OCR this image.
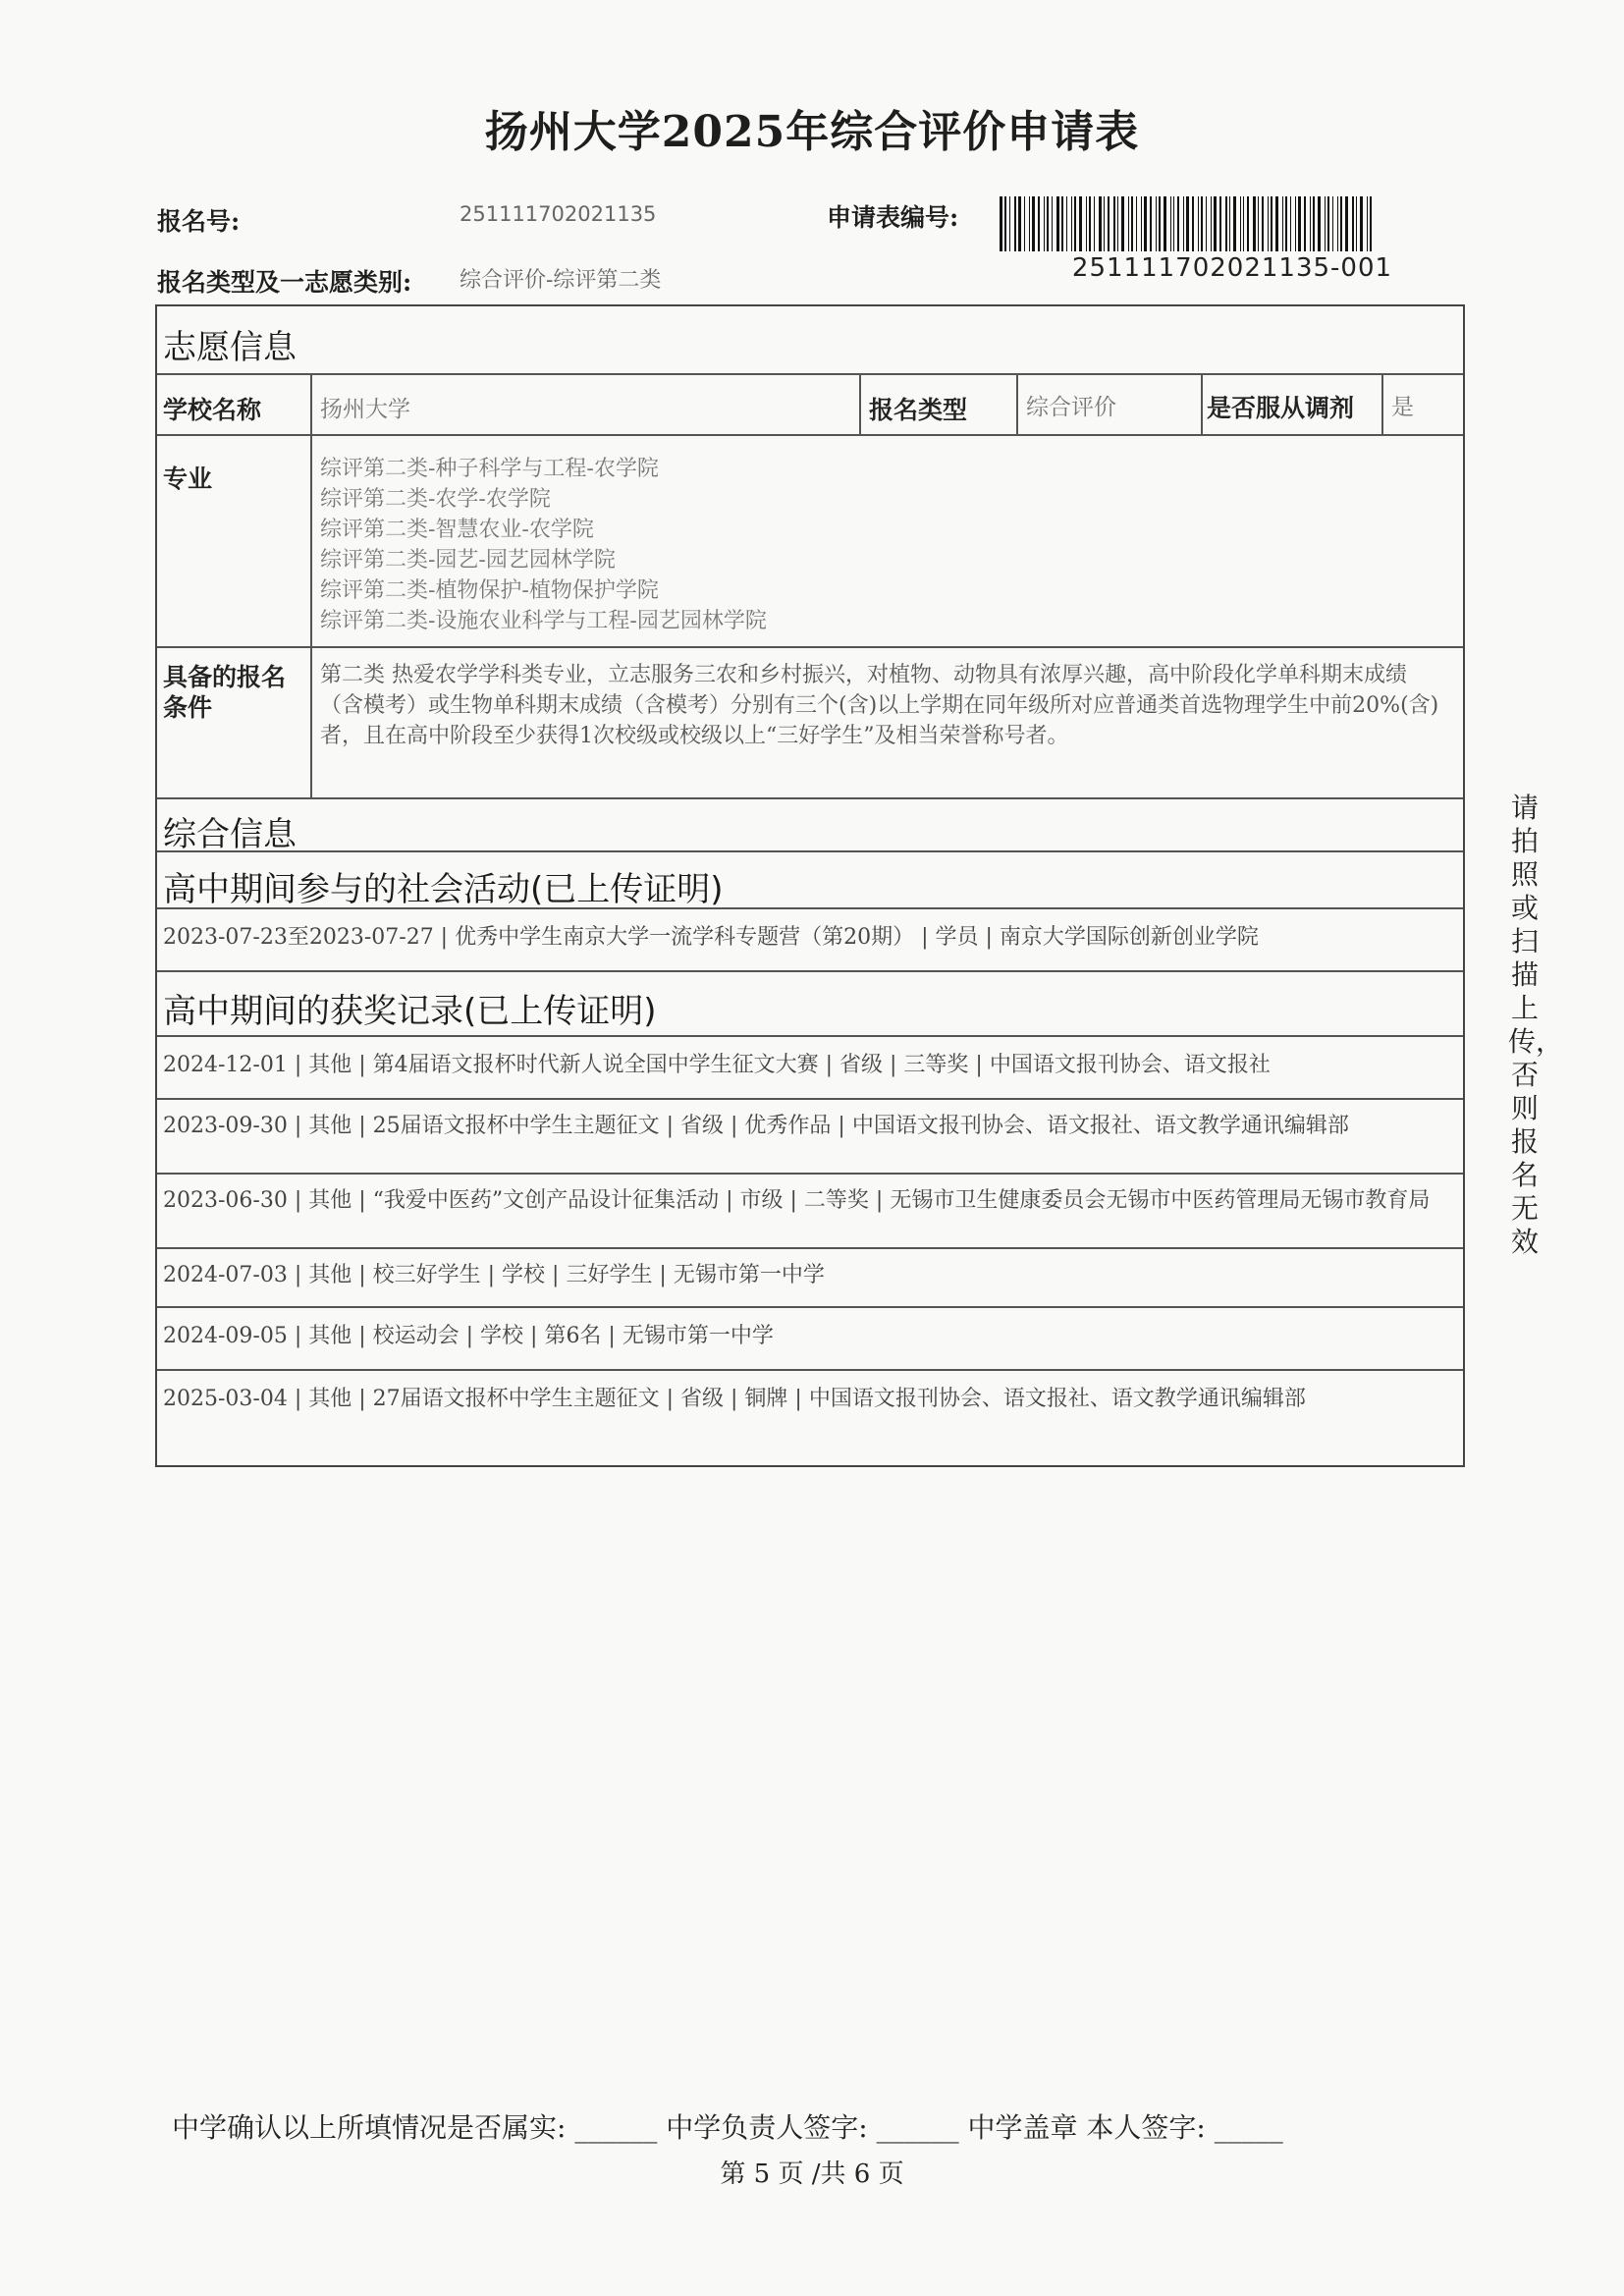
扬州大学2025年综合评价申请表
报名号:	251111702021135	申请表编号:
251111702021135-001
报名类型及一志愿类别: 综合评价-综评第二类
志愿信息
学校名称	扬州大学	报名类型	综合评价	是否服从调剂 是
专业	综评第二类-种子科学与工程-农学院
综评第二类-农学-农学院
综评第二类-智慧农业-农学院
综评第二类-园艺-园艺园林学院
综评第二类-植物保护-植物保护学院
综评第二类-设施农业科学与工程-园艺园林学院
具备的报名
条件
第二类 热爱农学学科类专业，立志服务三农和乡村振兴，对植物、动物具有浓厚兴趣，高中阶段化学单科期末成绩（含模考）或生物单科期末成绩（含模考）分别有三个(含)以上学期在同年级所对应普通类首选物理学生中前20%(含)者，且在高中阶段至少获得1次校级或校级以上“三好学生”及相当荣誉称号者。
综合信息
高中期间参与的社会活动(已上传证明)
2023-07-23至2023-07-27 | 优秀中学生南京大学一流学科专题营（第20期） | 学员 | 南京大学国际创新创业学院
高中期间的获奖记录(已上传证明)
2024-12-01 | 其他 | 第4届语文报杯时代新人说全国中学生征文大赛 | 省级 | 三等奖 | 中国语文报刊协会、语文报社
2023-09-30 | 其他 | 25届语文报杯中学生主题征文 | 省级 | 优秀作品 | 中国语文报刊协会、语文报社、语文教学通讯编辑部
2023-06-30 | 其他 | “我爱中医药”文创产品设计征集活动 | 市级 | 二等奖 | 无锡市卫生健康委员会无锡市中医药管理局无锡市教育局
2024-07-03 | 其他 | 校三好学生 | 学校 | 三好学生 | 无锡市第一中学
2024-09-05 | 其他 | 校运动会 | 学校 | 第6名 | 无锡市第一中学
2025-03-04 | 其他 | 27届语文报杯中学生主题征文 | 省级 | 铜牌 | 中国语文报刊协会、语文报社、语文教学通讯编辑部
请拍照或扫描上传，否则报名无效
中学确认以上所填情况是否属实: ______ 中学负责人签字: ______ 中学盖章 本人签字: _____
第 5 页 /共 6 页
